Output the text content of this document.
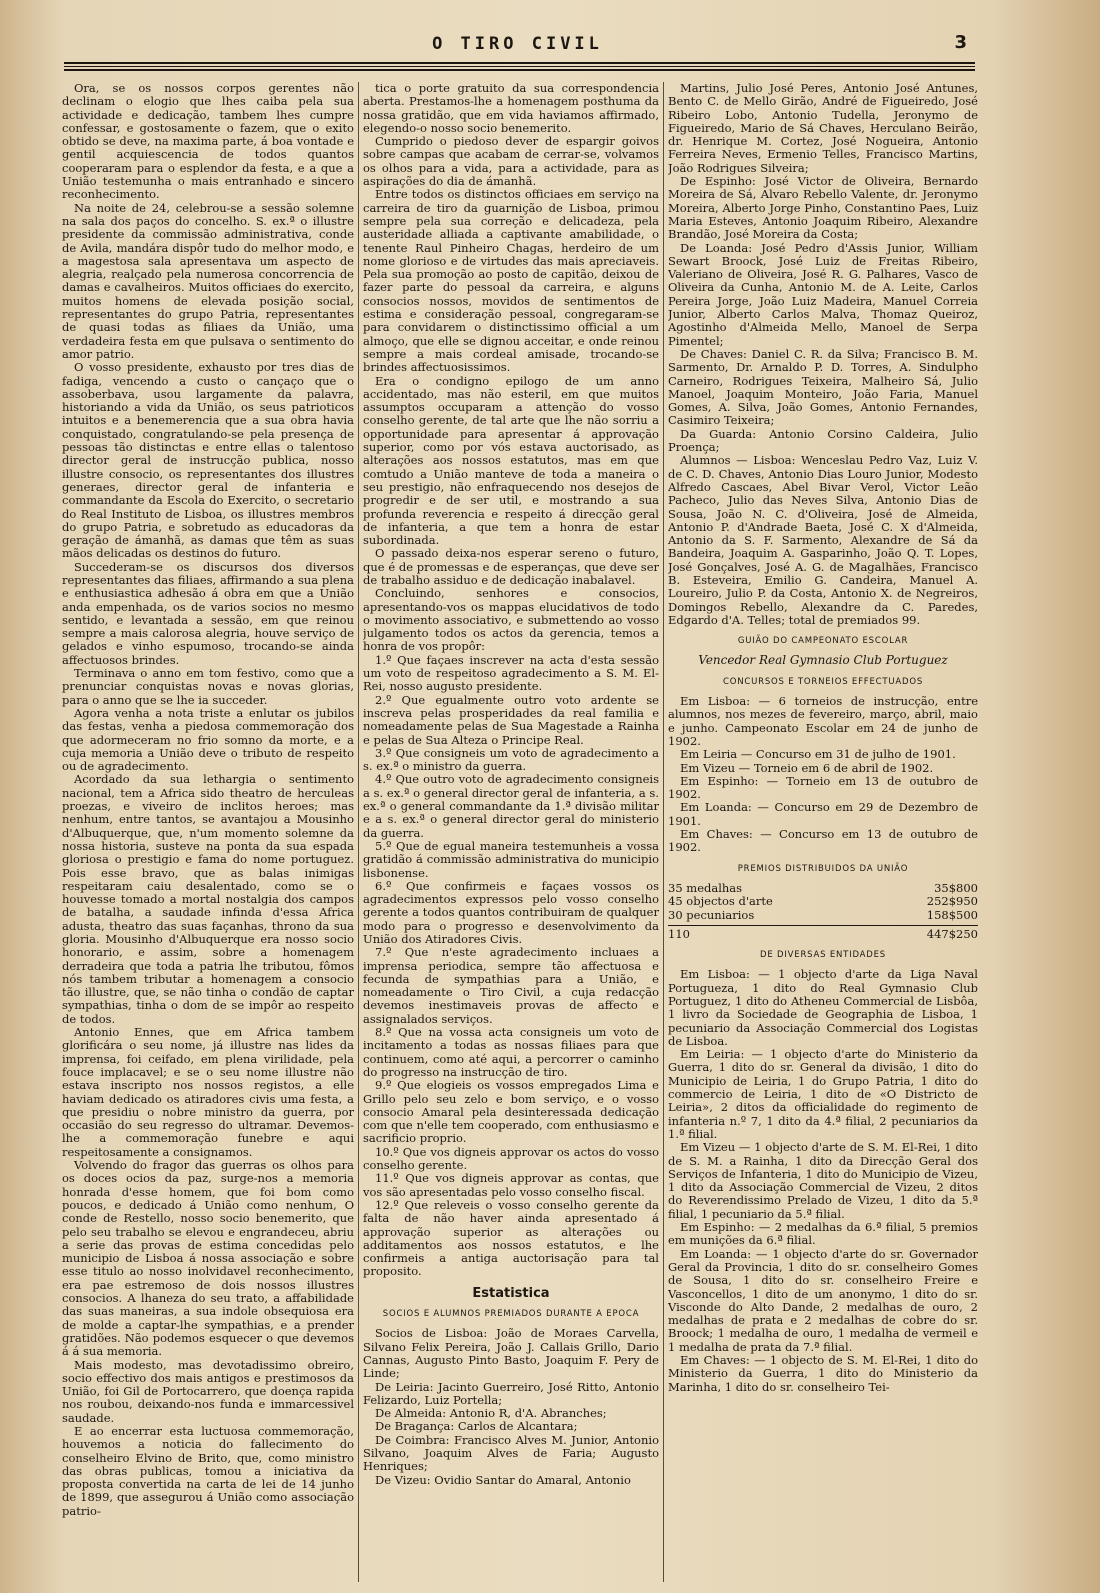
O TIRO CIVIL	3

Ora, se os nossos corpos gerentes não declinam o elogio que lhes caiba pela sua actividade e dedicação, tambem lhes cumpre confessar, e gostosamente o fazem, que o exito obtido se deve, na maxima parte, á boa vontade e gentil acquiescencia de todos quantos cooperaram para o esplendor da festa, e a que a União testemunha o mais entranhado e sincero reconhecimento.

Na noite de 24, celebrou-se a sessão solemne na sala dos paços do concelho. S. ex.ª o illustre presidente da commissão administrativa, conde de Avila, mandára dispôr tudo do melhor modo, e a magestosa sala apresentava um aspecto de alegria, realçado pela numerosa concorrencia de damas e cavalheiros. Muitos officiaes do exercito, muitos homens de elevada posição social, representantes do grupo Patria, representantes de quasi todas as filiaes da União, uma verdadeira festa em que pulsava o sentimento do amor patrio.

O vosso presidente, exhausto por tres dias de fadiga, vencendo a custo o cançaço que o assoberbava, usou largamente da palavra, historiando a vida da União, os seus patrioticos intuitos e a benemerencia que a sua obra havia conquistado, congratulando-se pela presença de pessoas tão distinctas e entre ellas o talentoso director geral de instrucção publica, nosso illustre consocio, os representantes dos illustres generaes, director geral de infanteria e commandante da Escola do Exercito, o secretario do Real Instituto de Lisboa, os illustres membros do grupo Patria, e sobretudo as educadoras da geração de ámanhã, as damas que têm as suas mãos delicadas os destinos do futuro.

Succederam-se os discursos dos diversos representantes das filiaes, affirmando a sua plena e enthusiastica adhesão á obra em que a União anda empenhada, os de varios socios no mesmo sentido, e levantada a sessão, em que reinou sempre a mais calorosa alegria, houve serviço de gelados e vinho espumoso, trocando-se ainda affectuosos brindes.

Terminava o anno em tom festivo, como que a prenunciar conquistas novas e novas glorias, para o anno que se lhe ia succeder.

Agora venha a nota triste a enlutar os jubilos das festas, venha a piedosa commemoração dos que adormeceram no frio somno da morte, e a cuja memoria a União deve o tributo de respeito ou de agradecimento.

Acordado da sua lethargia o sentimento nacional, tem a Africa sido theatro de herculeas proezas, e viveiro de inclitos heroes; mas nenhum, entre tantos, se avantajou a Mousinho d'Albuquerque, que, n'um momento solemne da nossa historia, susteve na ponta da sua espada gloriosa o prestigio e fama do nome portuguez. Pois esse bravo, que as balas inimigas respeitaram caiu desalentado, como se o houvesse tomado a mortal nostalgia dos campos de batalha, a saudade infinda d'essa Africa adusta, theatro das suas façanhas, throno da sua gloria. Mousinho d'Albuquerque era nosso socio honorario, e assim, sobre a homenagem derradeira que toda a patria lhe tributou, fômos nós tambem tributar a homenagem a consocio tão illustre, que, se não tinha o condão de captar sympathias, tinha o dom de se impôr ao respeito de todos.

Antonio Ennes, que em Africa tambem glorificára o seu nome, já illustre nas lides da imprensa, foi ceifado, em plena virilidade, pela fouce implacavel; e se o seu nome illustre não estava inscripto nos nossos registos, a elle haviam dedicado os atiradores civis uma festa, a que presidiu o nobre ministro da guerra, por occasião do seu regresso do ultramar. Devemos-lhe a commemoração funebre e aqui respeitosamente a consignamos.

Volvendo do fragor das guerras os olhos para os doces ocios da paz, surge-nos a memoria honrada d'esse homem, que foi bom como poucos, e dedicado á União como nenhum, O conde de Restello, nosso socio benemerito, que pelo seu trabalho se elevou e engrandeceu, abriu a serie das provas de estima concedidas pelo municipio de Lisboa á nossa associação e sobre esse titulo ao nosso inolvidavel reconhecimento, era pae estremoso de dois nossos illustres consocios. A lhaneza do seu trato, a affabilidade das suas maneiras, a sua indole obsequiosa era de molde a captar-lhe sympathias, e a prender gratidões. Não podemos esquecer o que devemos á á sua memoria.

Mais modesto, mas devotadissimo obreiro, socio effectivo dos mais antigos e prestimosos da União, foi Gil de Portocarrero, que doença rapida nos roubou, deixando-nos funda e immarcessivel saudade.

E ao encerrar esta luctuosa commemoração, houvemos a noticia do fallecimento do conselheiro Elvino de Brito, que, como ministro das obras publicas, tomou a iniciativa da proposta convertida na carta de lei de 14 junho de 1899, que assegurou á União como associação patrio-

tica o porte gratuito da sua correspondencia aberta. Prestamos-lhe a homenagem posthuma da nossa gratidão, que em vida haviamos affirmado, elegendo-o nosso socio benemerito.

Cumprido o piedoso dever de espargir goivos sobre campas que acabam de cerrar-se, volvamos os olhos para a vida, para a actividade, para as aspirações do dia de ámanhã.

Entre todos os distinctos officiaes em serviço na carreira de tiro da guarnição de Lisboa, primou sempre pela sua correção e delicadeza, pela austeridade alliada a captivante amabilidade, o tenente Raul Pinheiro Chagas, herdeiro de um nome glorioso e de virtudes das mais apreciaveis. Pela sua promoção ao posto de capitão, deixou de fazer parte do pessoal da carreira, e alguns consocios nossos, movidos de sentimentos de estima e consideração pessoal, congregaram-se para convidarem o distinctissimo official a um almoço, que elle se dignou acceitar, e onde reinou sempre a mais cordeal amisade, trocando-se brindes affectuosissimos.

Era o condigno epilogo de um anno accidentado, mas não esteril, em que muitos assumptos occuparam a attenção do vosso conselho gerente, de tal arte que lhe não sorriu a opportunidade para apresentar á approvação superior, como por vós estava auctorisado, as alterações aos nossos estatutos, mas em que comtudo a União manteve de toda a maneira o seu prestigio, não enfraquecendo nos desejos de progredir e de ser util, e mostrando a sua profunda reverencia e respeito á direcção geral de infanteria, a que tem a honra de estar subordinada.

O passado deixa-nos esperar sereno o futuro, que é de promessas e de esperanças, que deve ser de trabalho assiduo e de dedicação inabalavel.

Concluindo, senhores e consocios, apresentando-vos os mappas elucidativos de todo o movimento associativo, e submettendo ao vosso julgamento todos os actos da gerencia, temos a honra de vos propôr:

1.º Que façaes inscrever na acta d'esta sessão um voto de respeitoso agradecimento a S. M. El-Rei, nosso augusto presidente.

2.º Que egualmente outro voto ardente se inscreva pelas prosperidades da real familia e nomeadamente pelas de Sua Magestade a Rainha e pelas de Sua Alteza o Principe Real.

3.º Que consigneis um voto de agradecimento a s. ex.ª o ministro da guerra.

4.º Que outro voto de agradecimento consigneis a s. ex.ª o general director geral de infanteria, a s. ex.ª o general commandante da 1.ª divisão militar e a s. ex.ª o general director geral do ministerio da guerra.

5.º Que de egual maneira testemunheis a vossa gratidão á commissão administrativa do municipio lisbonense.

6.º Que confirmeis e façaes vossos os agradecimentos expressos pelo vosso conselho gerente a todos quantos contribuiram de qualquer modo para o progresso e desenvolvimento da União dos Atiradores Civis.

7.º Que n'este agradecimento incluaes a imprensa periodica, sempre tão affectuosa e fecunda de sympathias para a União, e nomeadamente o Tiro Civil, a cuja redacção devemos inestimaveis provas de affecto e assignalados serviços.

8.º Que na vossa acta consigneis um voto de incitamento a todas as nossas filiaes para que continuem, como até aqui, a percorrer o caminho do progresso na instrucção de tiro.

9.º Que elogieis os vossos empregados Lima e Grillo pelo seu zelo e bom serviço, e o vosso consocio Amaral pela desinteressada dedicação com que n'elle tem cooperado, com enthusiasmo e sacrificio proprio.

10.º Que vos digneis approvar os actos do vosso conselho gerente.

11.º Que vos digneis approvar as contas, que vos são apresentadas pelo vosso conselho fiscal.

12.º Que releveis o vosso conselho gerente da falta de não haver ainda apresentado á approvação superior as alterações ou additamentos aos nossos estatutos, e lhe confirmeis a antiga auctorisação para tal proposito.

Estatistica
SOCIOS E ALUMNOS PREMIADOS DURANTE A EPOCA

Socios de Lisboa: João de Moraes Carvella, Silvano Felix Pereira, João J. Callais Grillo, Dario Cannas, Augusto Pinto Basto, Joaquim F. Pery de Linde;

De Leiria: Jacinto Guerreiro, José Ritto, Antonio Felizardo, Luiz Portella;

De Almeida: Antonio R, d'A. Abranches;

De Bragança: Carlos de Alcantara;

De Coimbra: Francisco Alves M. Junior, Antonio Silvano, Joaquim Alves de Faria; Augusto Henriques;

De Vizeu: Ovidio Santar do Amaral, Antonio

Martins, Julio José Peres, Antonio José Antunes, Bento C. de Mello Girão, André de Figueiredo, José Ribeiro Lobo, Antonio Tudella, Jeronymo de Figueiredo, Mario de Sá Chaves, Herculano Beirão, dr. Henrique M. Cortez, José Nogueira, Antonio Ferreira Neves, Ermenio Telles, Francisco Martins, João Rodrigues Silveira;

De Espinho: José Victor de Oliveira, Bernardo Moreira de Sá, Alvaro Rebello Valente, dr. Jeronymo Moreira, Alberto Jorge Pinho, Constantino Paes, Luiz Maria Esteves, Antonio Joaquim Ribeiro, Alexandre Brandão, José Moreira da Costa;

De Loanda: José Pedro d'Assis Junior, William Sewart Broock, José Luiz de Freitas Ribeiro, Valeriano de Oliveira, José R. G. Palhares, Vasco de Oliveira da Cunha, Antonio M. de A. Leite, Carlos Pereira Jorge, João Luiz Madeira, Manuel Correia Junior, Alberto Carlos Malva, Thomaz Queiroz, Agostinho d'Almeida Mello, Manoel de Serpa Pimentel;

De Chaves: Daniel C. R. da Silva; Francisco B. M. Sarmento, Dr. Arnaldo P. D. Torres, A. Sindulpho Carneiro, Rodrigues Teixeira, Malheiro Sá, Julio Manoel, Joaquim Monteiro, João Faria, Manuel Gomes, A. Silva, João Gomes, Antonio Fernandes, Casimiro Teixeira;

Da Guarda: Antonio Corsino Caldeira, Julio Proença;

Alumnos — Lisboa: Wenceslau Pedro Vaz, Luiz V. de C. D. Chaves, Antonio Dias Louro Junior, Modesto Alfredo Cascaes, Abel Bivar Verol, Victor Leão Pacheco, Julio das Neves Silva, Antonio Dias de Sousa, João N. C. d'Oliveira, José de Almeida, Antonio P. d'Andrade Baeta, José C. X d'Almeida, Antonio da S. F. Sarmento, Alexandre de Sá da Bandeira, Joaquim A. Gasparinho, João Q. T. Lopes, José Gonçalves, José A. G. de Magalhães, Francisco B. Esteveira, Emilio G. Candeira, Manuel A. Loureiro, Julio P. da Costa, Antonio X. de Negreiros, Domingos Rebello, Alexandre da C. Paredes, Edgardo d'A. Telles; total de premiados 99.

GUIÃO DO CAMPEONATO ESCOLAR
Vencedor Real Gymnasio Club Portuguez
CONCURSOS E TORNEIOS EFFECTUADOS

Em Lisboa: — 6 torneios de instrucção, entre alumnos, nos mezes de fevereiro, março, abril, maio e junho. Campeonato Escolar em 24 de junho de 1902.

Em Leiria — Concurso em 31 de julho de 1901.

Em Vizeu — Torneio em 6 de abril de 1902.

Em Espinho: — Torneio em 13 de outubro de 1902.

Em Loanda: — Concurso em 29 de Dezembro de 1901.

Em Chaves: — Concurso em 13 de outubro de 1902.

PREMIOS DISTRIBUIDOS DA UNIÃO
35 medalhas	35$800
45 objectos d'arte	252$950
30 pecuniarios	158$500
110	447$250
DE DIVERSAS ENTIDADES

Em Lisboa: — 1 objecto d'arte da Liga Naval Portugueza, 1 dito do Real Gymnasio Club Portuguez, 1 dito do Atheneu Commercial de Lisbôa, 1 livro da Sociedade de Geographia de Lisboa, 1 pecuniario da Associação Commercial dos Logistas de Lisboa.

Em Leiria: — 1 objecto d'arte do Ministerio da Guerra, 1 dito do sr. General da divisão, 1 dito do Municipio de Leiria, 1 do Grupo Patria, 1 dito do commercio de Leiria, 1 dito de «O Districto de Leiria», 2 ditos da officialidade do regimento de infanteria n.º 7, 1 dito da 4.ª filial, 2 pecuniarios da 1.ª filial.

Em Vizeu — 1 objecto d'arte de S. M. El-Rei, 1 dito de S. M. a Rainha, 1 dito da Direcção Geral dos Serviços de Infanteria, 1 dito do Municipio de Vizeu, 1 dito da Associação Commercial de Vizeu, 2 ditos do Reverendissimo Prelado de Vizeu, 1 dito da 5.ª filial, 1 pecuniario da 5.ª filial.

Em Espinho: — 2 medalhas da 6.ª filial, 5 premios em munições da 6.ª filial.

Em Loanda: — 1 objecto d'arte do sr. Governador Geral da Provincia, 1 dito do sr. conselheiro Gomes de Sousa, 1 dito do sr. conselheiro Freire e Vasconcellos, 1 dito de um anonymo, 1 dito do sr. Visconde do Alto Dande, 2 medalhas de ouro, 2 medalhas de prata e 2 medalhas de cobre do sr. Broock; 1 medalha de ouro, 1 medalha de vermeil e 1 medalha de prata da 7.ª filial.

Em Chaves: — 1 objecto de S. M. El-Rei, 1 dito do Ministerio da Guerra, 1 dito do Ministerio da Marinha, 1 dito do sr. conselheiro Tei-
